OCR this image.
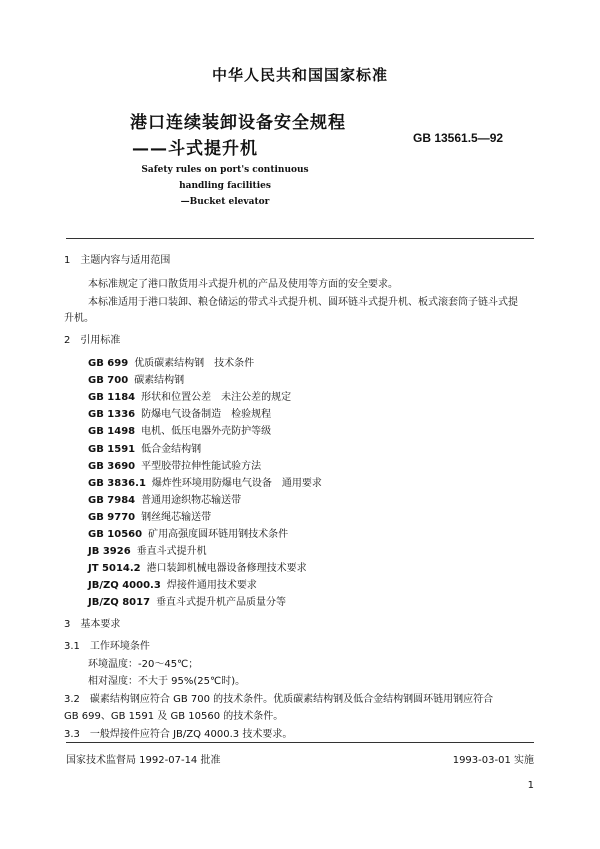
中华人民共和国国家标准
港口连续装卸设备安全规程
——斗式提升机
GB 13561.5—92
Safety rules on port's continuous
handling facilities
—Bucket elevator
1　主题内容与适用范围
本标准规定了港口散货用斗式提升机的产品及使用等方面的安全要求。
本标准适用于港口装卸、粮仓储运的带式斗式提升机、圆环链斗式提升机、板式滚套筒子链斗式提
升机。
2　引用标准
GB 699 优质碳素结构钢　技术条件
GB 700 碳素结构钢
GB 1184 形状和位置公差　未注公差的规定
GB 1336 防爆电气设备制造　检验规程
GB 1498 电机、低压电器外壳防护等级
GB 1591 低合金结构钢
GB 3690 平型胶带拉伸性能试验方法
GB 3836.1 爆炸性环境用防爆电气设备　通用要求
GB 7984 普通用途织物芯输送带
GB 9770 钢丝绳芯输送带
GB 10560 矿用高强度圆环链用钢技术条件
JB 3926 垂直斗式提升机
JT 5014.2 港口装卸机械电器设备修理技术要求
JB/ZQ 4000.3 焊接件通用技术要求
JB/ZQ 8017 垂直斗式提升机产品质量分等
3　基本要求
3.1　工作环境条件
环境温度：-20～45℃；
相对湿度：不大于 95%(25℃时)。
3.2　碳素结构钢应符合 GB 700 的技术条件。优质碳素结构钢及低合金结构钢圆环链用钢应符合
GB 699、GB 1591 及 GB 10560 的技术条件。
3.3　一般焊接件应符合 JB/ZQ 4000.3 技术要求。
国家技术监督局 1992-07-14 批准	1993-03-01 实施
1
